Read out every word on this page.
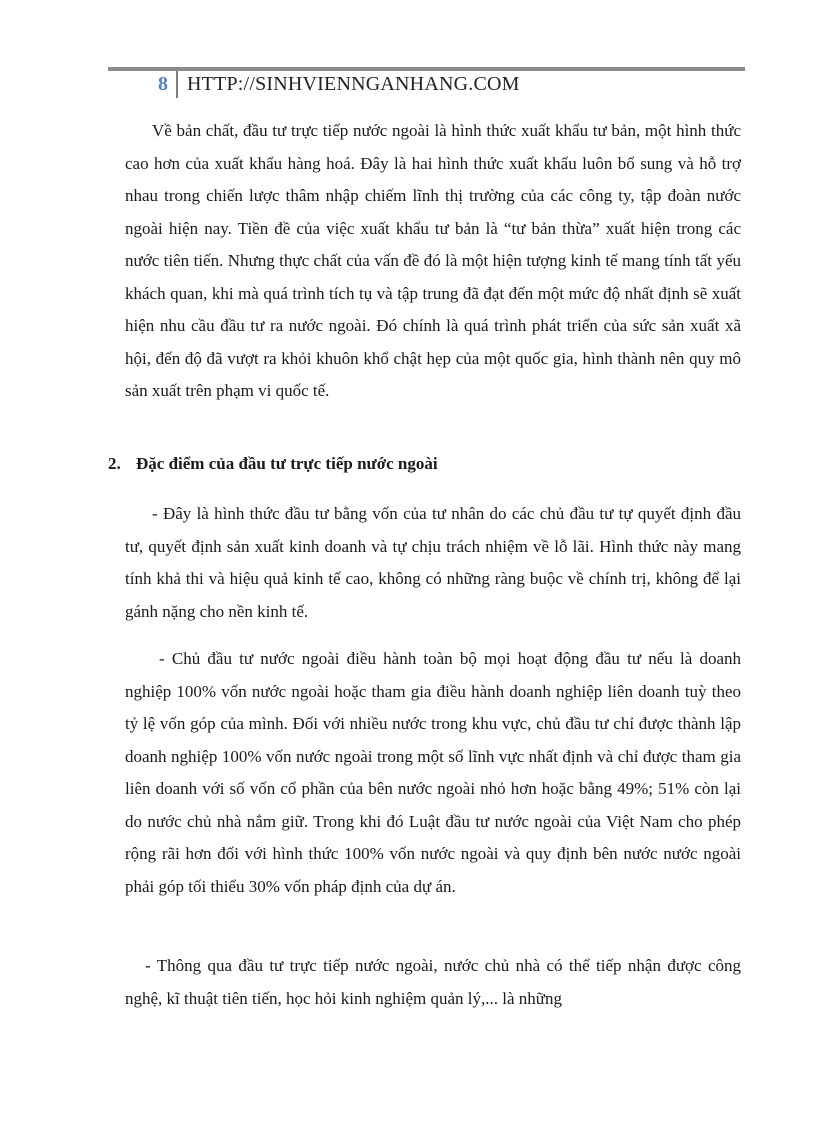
8 HTTP://SINHVIENNGANHANG.COM

Về bản chất, đầu tư trực tiếp nước ngoài là hình thức xuất khẩu tư bản, một hình thức cao hơn của xuất khẩu hàng hoá. Đây là hai hình thức xuất khẩu luôn bổ sung và hỗ trợ nhau trong chiến lược thâm nhập chiếm lĩnh thị trường của các công ty, tập đoàn nước ngoài hiện nay. Tiền đề của việc xuất khẩu tư bản là “tư bản thừa” xuất hiện trong các nước tiên tiến. Nhưng thực chất của vấn đề đó là một hiện tượng kinh tế mang tính tất yếu khách quan, khi mà quá trình tích tụ và tập trung đã đạt đến một mức độ nhất định sẽ xuất hiện nhu cầu đầu tư ra nước ngoài. Đó chính là quá trình phát triển của sức sản xuất xã hội, đến độ đã vượt ra khỏi khuôn khổ chật hẹp của một quốc gia, hình thành nên quy mô sản xuất trên phạm vi quốc tế.

2. Đặc điểm của đầu tư trực tiếp nước ngoài

- Đây là hình thức đầu tư bằng vốn của tư nhân do các chủ đầu tư tự quyết định đầu tư, quyết định sản xuất kinh doanh và tự chịu trách nhiệm về lỗ lãi. Hình thức này mang tính khả thi và hiệu quả kinh tế cao, không có những ràng buộc về chính trị, không để lại gánh nặng cho nền kinh tế.

- Chủ đầu tư nước ngoài điều hành toàn bộ mọi hoạt động đầu tư nếu là doanh nghiệp 100% vốn nước ngoài hoặc tham gia điều hành doanh nghiệp liên doanh tuỳ theo tỷ lệ vốn góp của mình. Đối với nhiều nước trong khu vực, chủ đầu tư chỉ được thành lập doanh nghiệp 100% vốn nước ngoài trong một số lĩnh vực nhất định và chỉ được tham gia liên doanh với số vốn cổ phần của bên nước ngoài nhỏ hơn hoặc bằng 49%; 51% còn lại do nước chủ nhà nắm giữ. Trong khi đó Luật đầu tư nước ngoài của Việt Nam cho phép rộng rãi hơn đối với hình thức 100% vốn nước ngoài và quy định bên nước nước ngoài phải góp tối thiểu 30% vốn pháp định của dự án.

- Thông qua đầu tư trực tiếp nước ngoài, nước chủ nhà có thể tiếp nhận được công nghệ, kĩ thuật tiên tiến, học hỏi kinh nghiệm quản lý,... là những
